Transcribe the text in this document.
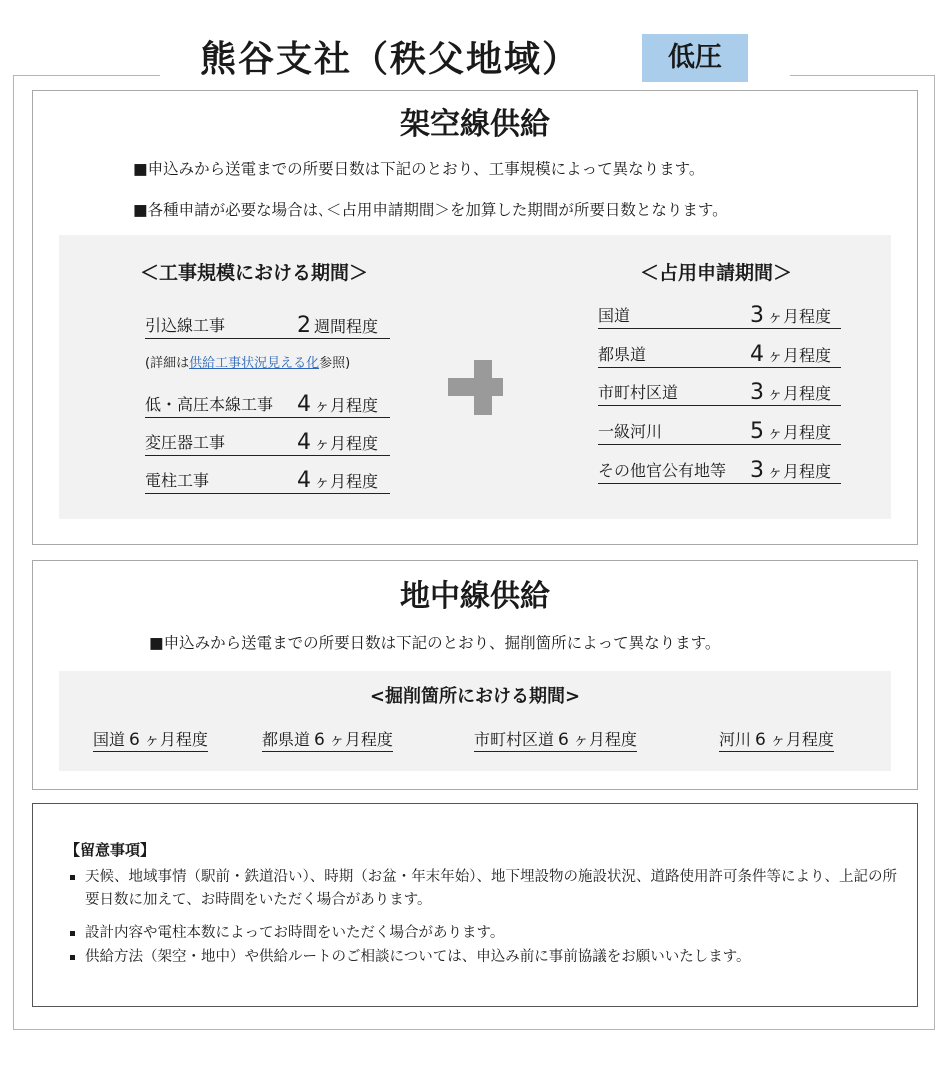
熊谷支社（秩父地域）	低圧
架空線供給
■申込みから送電までの所要日数は下記のとおり、工事規模によって異なります。
■各種申請が必要な場合は､＜占用申請期間＞を加算した期間が所要日数となります。
＜工事規模における期間＞	＜占用申請期間＞
引込線工事	2 週間程度
(詳細は供給工事状況見える化参照)
低・高圧本線工事 4 ヶ月程度
変圧器工事	4 ヶ月程度
電柱工事	4 ヶ月程度
国道	3 ヶ月程度
都県道	4 ヶ月程度
市町村区道	3 ヶ月程度
一級河川	5 ヶ月程度
その他官公有地等 3 ヶ月程度
地中線供給
■申込みから送電までの所要日数は下記のとおり、掘削箇所によって異なります。
<掘削箇所における期間>
国道 6 ヶ月程度	都県道 6 ヶ月程度	市町村区道 6 ヶ月程度	河川 6 ヶ月程度
【留意事項】
天候、地域事情（駅前・鉄道沿い）、時期（お盆・年末年始）、地下埋設物の施設状況、道路使用許可条件等により、上記の所要日数に加えて、お時間をいただく場合があります。
設計内容や電柱本数によってお時間をいただく場合があります。
供給方法（架空・地中）や供給ルートのご相談については、申込み前に事前協議をお願いいたします。
